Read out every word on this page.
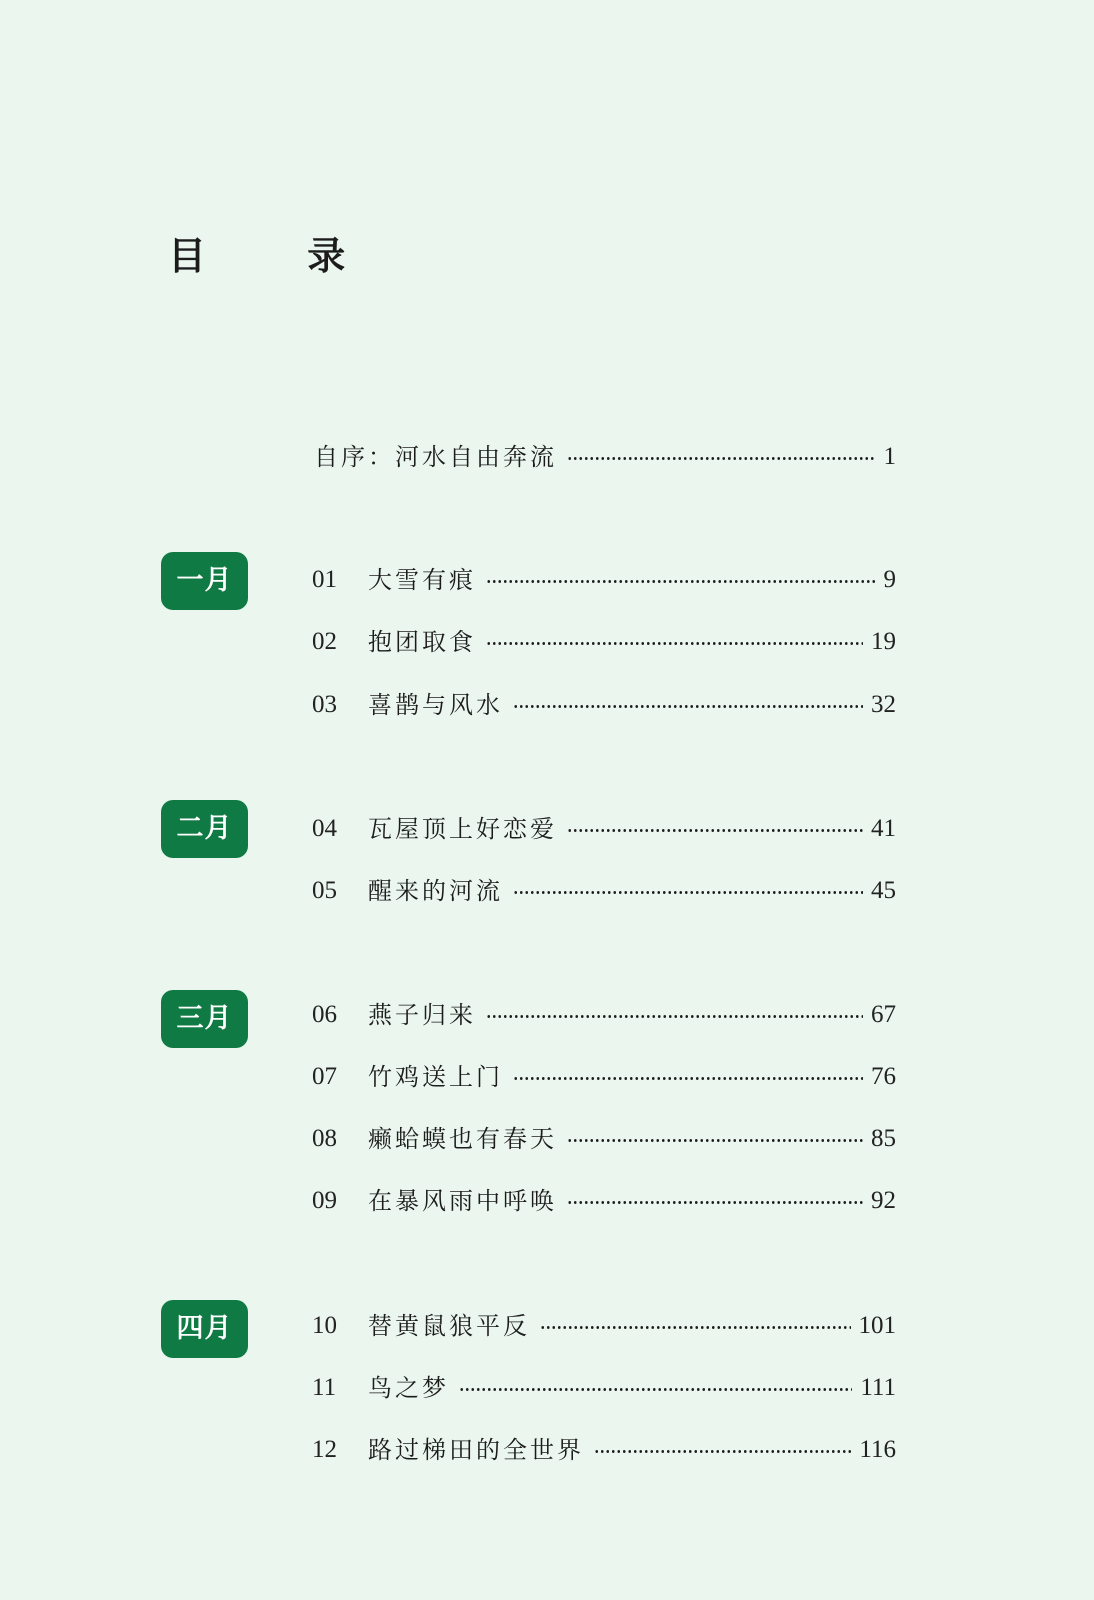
目 录
自序：河水自由奔流	1
一月	01	大雪有痕	9
02	抱团取食	19
03	喜鹊与风水	32
二月	04	瓦屋顶上好恋爱	41
05	醒来的河流	45
三月	06	燕子归来	67
07	竹鸡送上门	76
08	癞蛤蟆也有春天	85
09	在暴风雨中呼唤	92
四月	10	替黄鼠狼平反	101
11	鸟之梦	111
12	路过梯田的全世界	116
